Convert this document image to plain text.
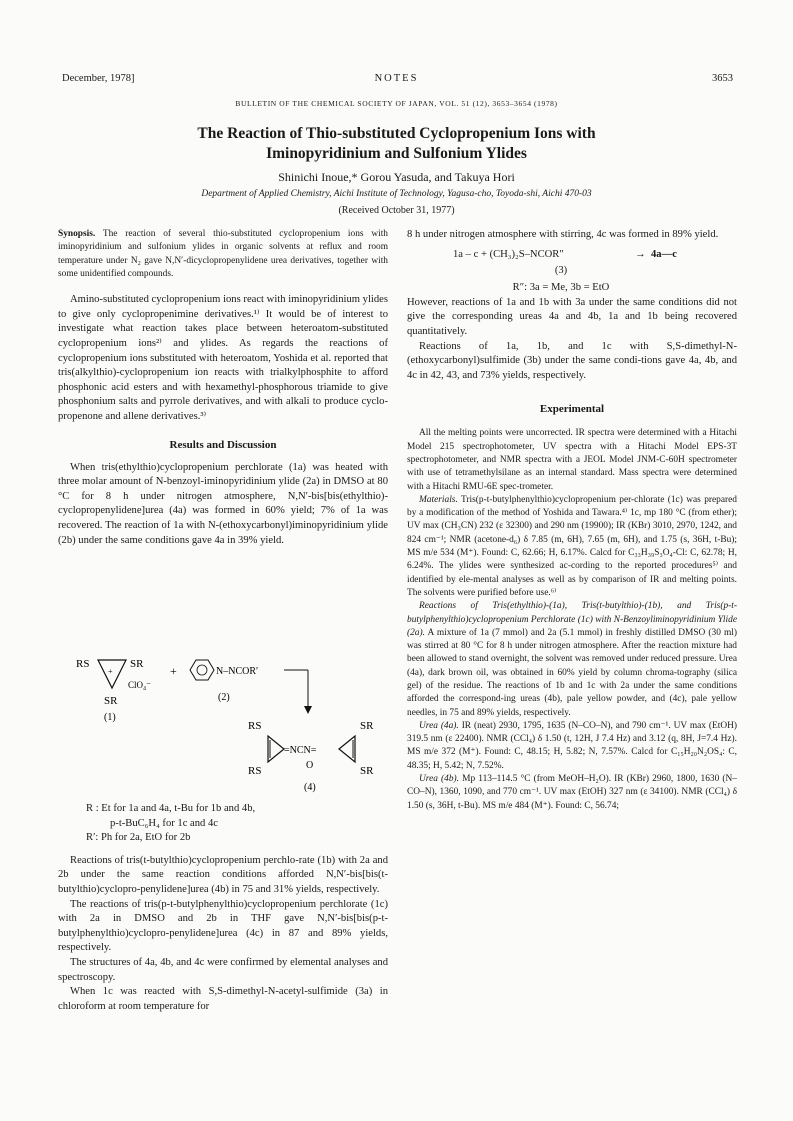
December, 1978]	NOTES	3653
BULLETIN OF THE CHEMICAL SOCIETY OF JAPAN, VOL. 51 (12), 3653–3654 (1978)
The Reaction of Thio-substituted Cyclopropenium Ions with
Iminopyridinium and Sulfonium Ylides
Shinichi Inoue,* Gorou Yasuda, and Takuya Hori
Department of Applied Chemistry, Aichi Institute of Technology, Yagusa-cho, Toyoda-shi, Aichi 470-03
(Received October 31, 1977)

Synopsis. The reaction of several thio-substituted cyclopropenium ions with iminopyridinium and sulfonium ylides in organic solvents at reflux and room temperature under N₂ gave N,N′-dicyclopropenylidene urea derivatives, together with some unidentified compounds.

Amino-substituted cyclopropenium ions react with iminopyridinium ylides to give only cyclopropenimine derivatives.¹⁾ It would be of interest to investigate what reaction takes place between heteroatom-substituted cyclopropenium ions²⁾ and ylides. As regards the reactions of cyclopropenium ions substituted with heteroatom, Yoshida et al. reported that tris(alkylthio)-cyclopropenium ion reacts with trialkylphosphite to afford phosphonic acid esters and with hexamethyl-phosphorous triamide to give phosphonium salts and pyrrole derivatives, and with alkali to produce cyclo-propenone and allene derivatives.³⁾

Results and Discussion

When tris(ethylthio)cyclopropenium perchlorate (1a) was heated with three molar amount of N-benzoyl-iminopyridinium ylide (2a) in DMSO at 80 °C for 8 h under nitrogen atmosphere, N,N′-bis[bis(ethylthio)-cyclopropenylidene]urea (4a) was formed in 60% yield; 7% of 1a was recovered. The reaction of 1a with N-(ethoxycarbonyl)iminopyridinium ylide (2b) under the same conditions gave 4a in 39% yield.

RS	SR
+
ClO₄⁻
SR
(1)
+	N–NCOR′
(2)
RS
RS
=NCN=
O
SR
SR
(4)
R : Et for 1a and 4a, t-Bu for 1b and 4b,
p-t-BuC₆H₄ for 1c and 4c
R′: Ph for 2a, EtO for 2b

Reactions of tris(t-butylthio)cyclopropenium perchlo-rate (1b) with 2a and 2b under the same reaction conditions afforded N,N′-bis[bis(t-butylthio)cyclopro-penylidene]urea (4b) in 75 and 31% yields, respectively.

The reactions of tris(p-t-butylphenylthio)cyclopropenium perchlorate (1c) with 2a in DMSO and 2b in THF gave N,N′-bis[bis(p-t-butylphenylthio)cyclopro-penylidene]urea (4c) in 87 and 89% yields, respectively.

The structures of 4a, 4b, and 4c were confirmed by elemental analyses and spectroscopy.

When 1c was reacted with S,S-dimethyl-N-acetyl-sulfimide (3a) in chloroform at room temperature for

8 h under nitrogen atmosphere with stirring, 4c was formed in 89% yield.

1a – c + (CH₃)₂S–NCOR″	→ 4a—c
(3)
R″: 3a = Me, 3b = EtO

However, reactions of 1a and 1b with 3a under the same conditions did not give the corresponding ureas 4a and 4b, 1a and 1b being recovered quantitatively.

Reactions of 1a, 1b, and 1c with S,S-dimethyl-N-(ethoxycarbonyl)sulfimide (3b) under the same condi-tions gave 4a, 4b, and 4c in 42, 43, and 73% yields, respectively.

Experimental

All the melting points were uncorrected. IR spectra were determined with a Hitachi Model 215 spectrophotometer, UV spectra with a Hitachi Model EPS-3T spectrophotometer, and NMR spectra with a JEOL Model JNM-C-60H spectrometer with use of tetramethylsilane as an internal standard. Mass spectra were determined with a Hitachi RMU-6E spec-trometer.

Materials. Tris(p-t-butylphenylthio)cyclopropenium per-chlorate (1c) was prepared by a modification of the method of Yoshida and Tawara.⁴⁾ 1c, mp 180 °C (from ether); UV max (CH₃CN) 232 (ε 32300) and 290 nm (19900); IR (KBr) 3010, 2970, 1242, and 824 cm⁻¹; NMR (acetone-d₆) δ 7.85 (m, 6H), 7.65 (m, 6H), and 1.75 (s, 36H, t-Bu); MS m/e 534 (M⁺). Found: C, 62.66; H, 6.17%. Calcd for C₃₃H₃₉S₃O₄-Cl: C, 62.78; H, 6.24%. The ylides were synthesized ac-cording to the reported procedures⁵⁾ and identified by ele-mental analyses as well as by comparison of IR and melting points. The solvents were purified before use.⁶⁾

Reactions of Tris(ethylthio)-(1a), Tris(t-butylthio)-(1b), and Tris(p-t-butylphenylthio)cyclopropenium Perchlorate (1c) with N-Benzoyliminopyridinium Ylide (2a). A mixture of 1a (7 mmol) and 2a (5.1 mmol) in freshly distilled DMSO (30 ml) was stirred at 80 °C for 8 h under nitrogen atmosphere. After the reaction mixture had been allowed to stand overnight, the solvent was removed under reduced pressure. Urea (4a), dark brown oil, was obtained in 60% yield by column chroma-tography (silica gel) of the residue. The reactions of 1b and 1c with 2a under the same conditions afforded the correspond-ing ureas (4b), pale yellow powder, and (4c), pale yellow needles, in 75 and 89% yields, respectively.

Urea (4a). IR (neat) 2930, 1795, 1635 (N–CO–N), and 790 cm⁻¹. UV max (EtOH) 319.5 nm (ε 22400). NMR (CCl₄) δ 1.50 (t, 12H, J 7.4 Hz) and 3.12 (q, 8H, J=7.4 Hz). MS m/e 372 (M⁺). Found: C, 48.15; H, 5.82; N, 7.57%. Calcd for C₁₅H₂₀N₂OS₄: C, 48.35; H, 5.42; N, 7.52%.

Urea (4b). Mp 113–114.5 °C (from MeOH–H₂O). IR (KBr) 2960, 1800, 1630 (N–CO–N), 1360, 1090, and 770 cm⁻¹. UV max (EtOH) 327 nm (ε 34100). NMR (CCl₄) δ 1.50 (s, 36H, t-Bu). MS m/e 484 (M⁺). Found: C, 56.74;
